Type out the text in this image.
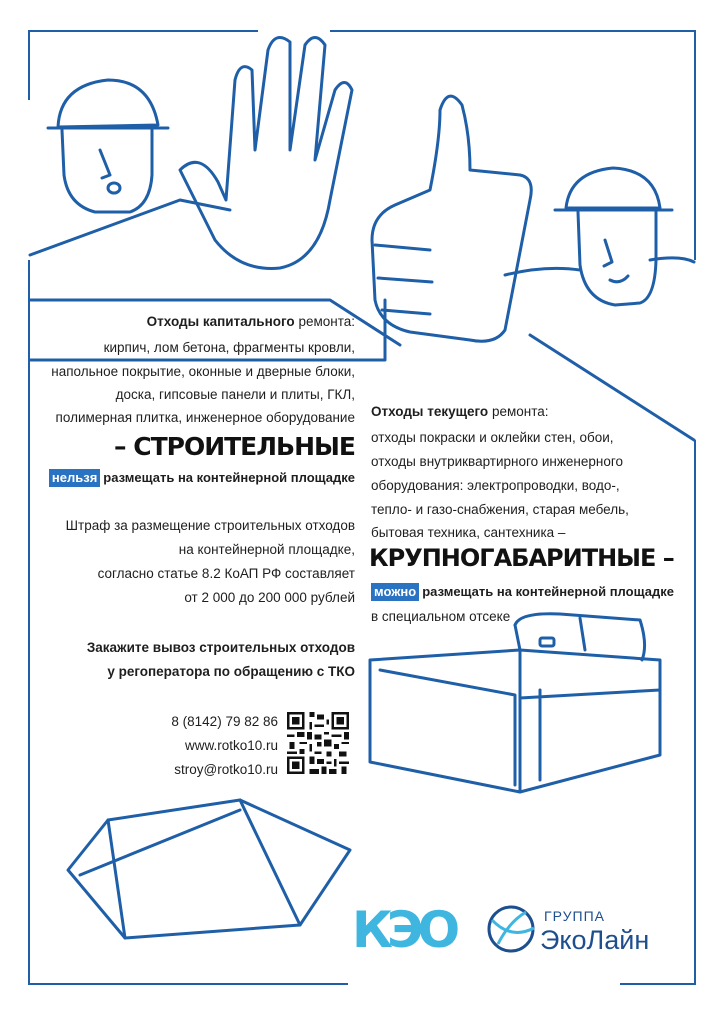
Отходы капитального ремонта:
кирпич, лом бетона, фрагменты кровли,
напольное покрытие, оконные и дверные блоки,
доска, гипсовые панели и плиты, ГКЛ,
полимерная плитка, инженерное оборудование
– СТРОИТЕЛЬНЫЕ
нельзя размещать на контейнерной площадке
Штраф за размещение строительных отходов
на контейнерной площадке,
согласно статье 8.2 КоАП РФ составляет
от 2 000 до 200 000 рублей
Закажите вывоз строительных отходов
у регоператора по обращению с ТКО
8 (8142) 79 82 86
www.rotko10.ru
stroy@rotko10.ru
Отходы текущего ремонта:
отходы покраски и оклейки стен, обои,
отходы внутриквартирного инженерного
оборудования: электропроводки, водо-,
тепло- и газо-снабжения, старая мебель,
бытовая техника, сантехника –
КРУПНОГАБАРИТНЫЕ –
можно размещать на контейнерной площадке
в специальном отсеке
КЭО	ГРУППА
ЭкоЛайн
